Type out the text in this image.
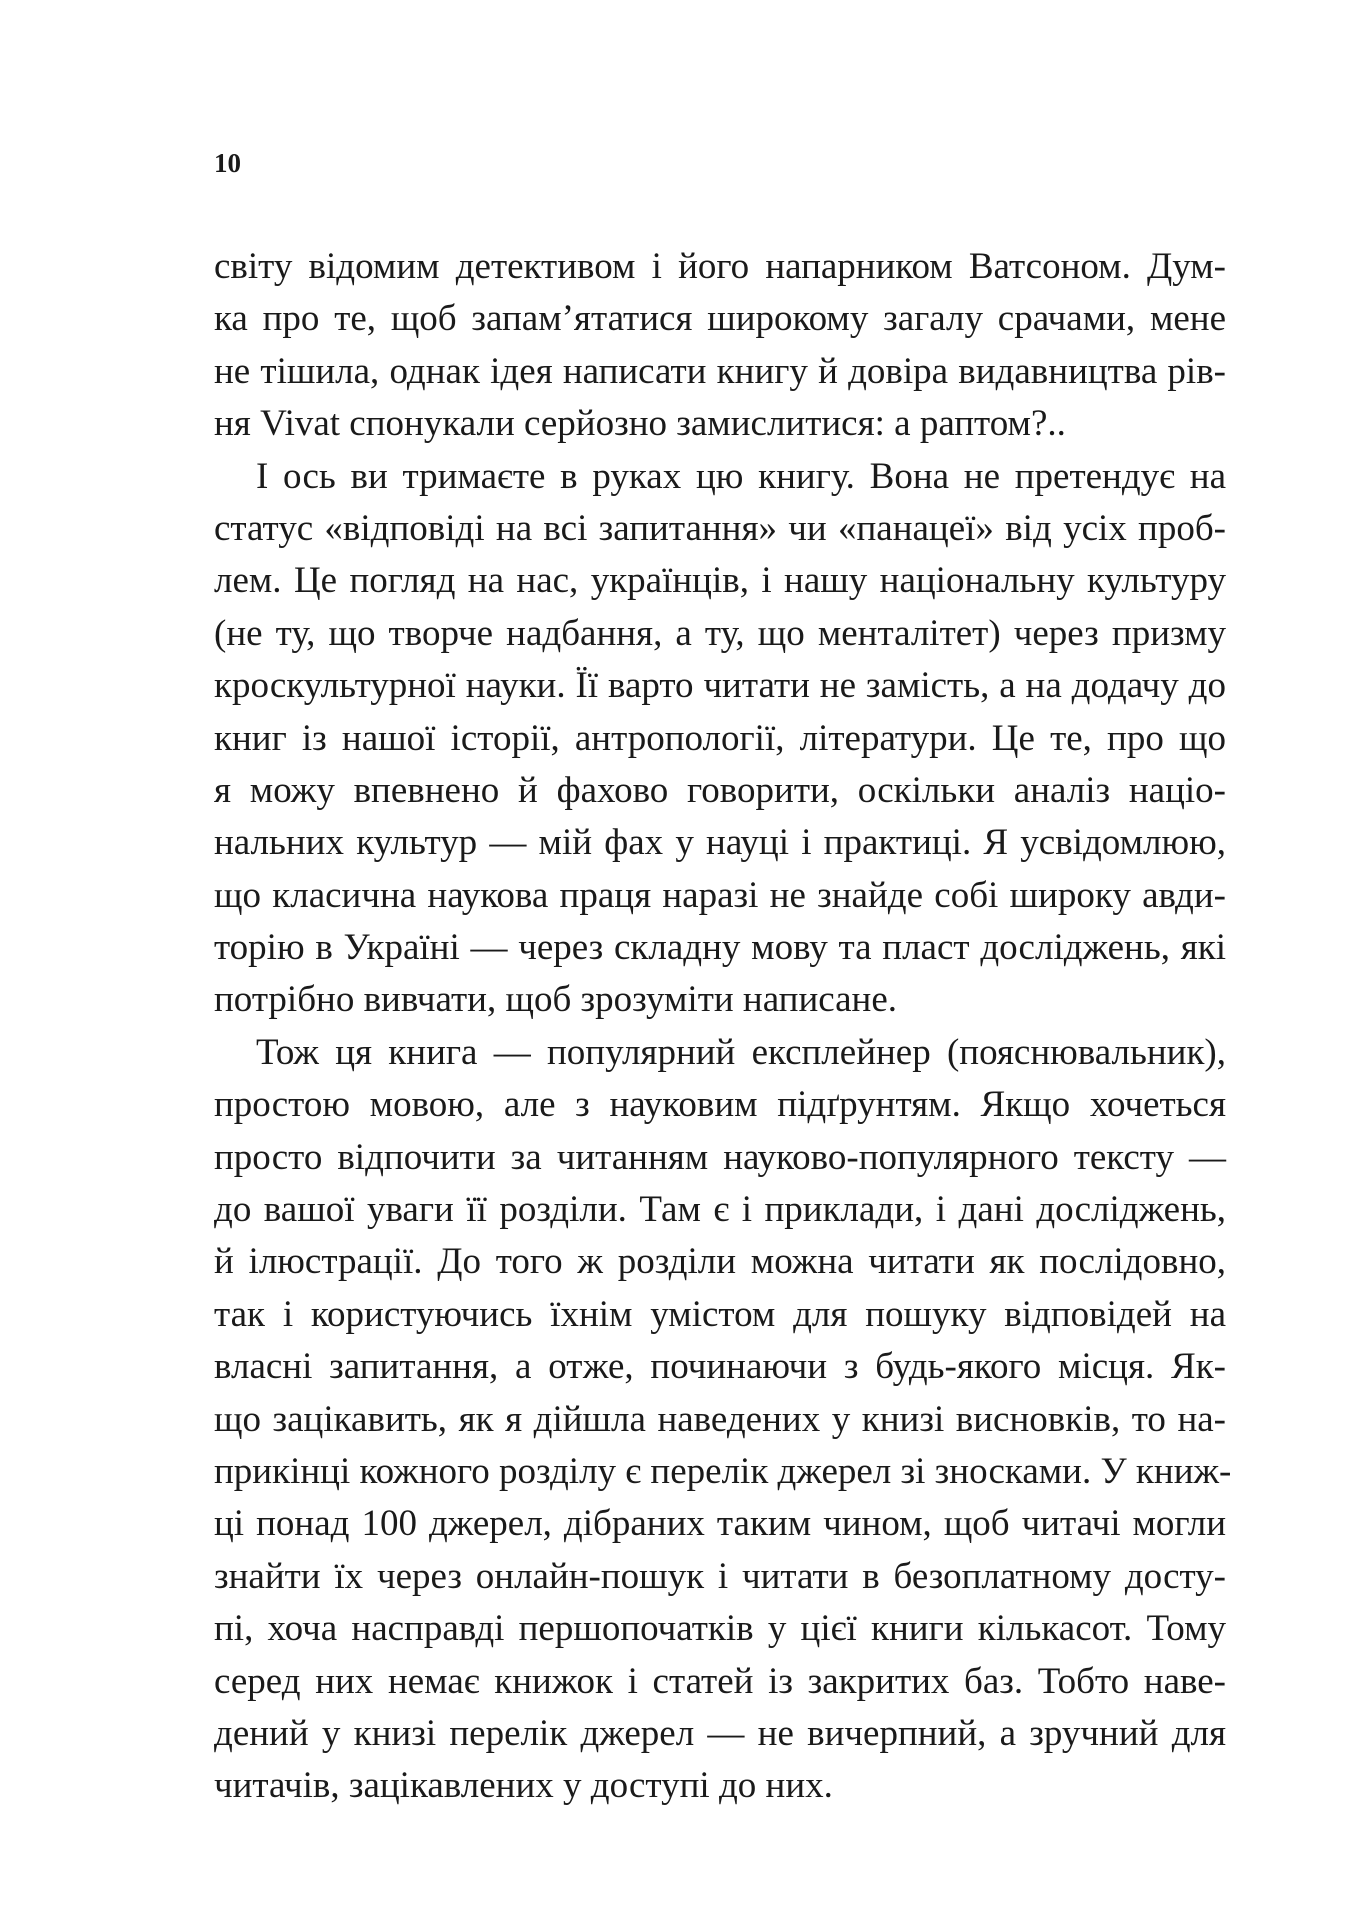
10
світу відомим детективом і його напарником Ватсоном. Дум-
ка про те, щоб запам’ятатися широкому загалу срачами, мене
не тішила, однак ідея написати книгу й довіра видавництва рів-
ня Vivat спонукали серйозно замислитися: а раптом?..
І ось ви тримаєте в руках цю книгу. Вона не претендує на
статус «відповіді на всі запитання» чи «панацеї» від усіх проб-
лем. Це погляд на нас, українців, і нашу національну культуру
(не ту, що творче надбання, а ту, що менталітет) через призму
кроскультурної науки. Її варто читати не замість, а на додачу до
книг із нашої історії, антропології, літератури. Це те, про що
я можу впевнено й фахово говорити, оскільки аналіз націо-
нальних культур — мій фах у науці і практиці. Я усвідомлюю,
що класична наукова праця наразі не знайде собі широку авди-
торію в Україні — через складну мову та пласт досліджень, які
потрібно вивчати, щоб зрозуміти написане.
Тож ця книга — популярний експлейнер (пояснювальник),
простою мовою, але з науковим підґрунтям. Якщо хочеться
просто відпочити за читанням науково-популярного тексту —
до вашої уваги її розділи. Там є і приклади, і дані досліджень,
й ілюстрації. До того ж розділи можна читати як послідовно,
так і користуючись їхнім умістом для пошуку відповідей на
власні запитання, а отже, починаючи з будь-якого місця. Як-
що зацікавить, як я дійшла наведених у книзі висновків, то на-
прикінці кожного розділу є перелік джерел зі зносками. У книж-
ці понад 100 джерел, дібраних таким чином, щоб читачі могли
знайти їх через онлайн-пошук і читати в безоплатному досту-
пі, хоча насправді першопочатків у цієї книги кількасот. Тому
серед них немає книжок і статей із закритих баз. Тобто наве-
дений у книзі перелік джерел — не вичерпний, а зручний для
читачів, зацікавлених у доступі до них.
